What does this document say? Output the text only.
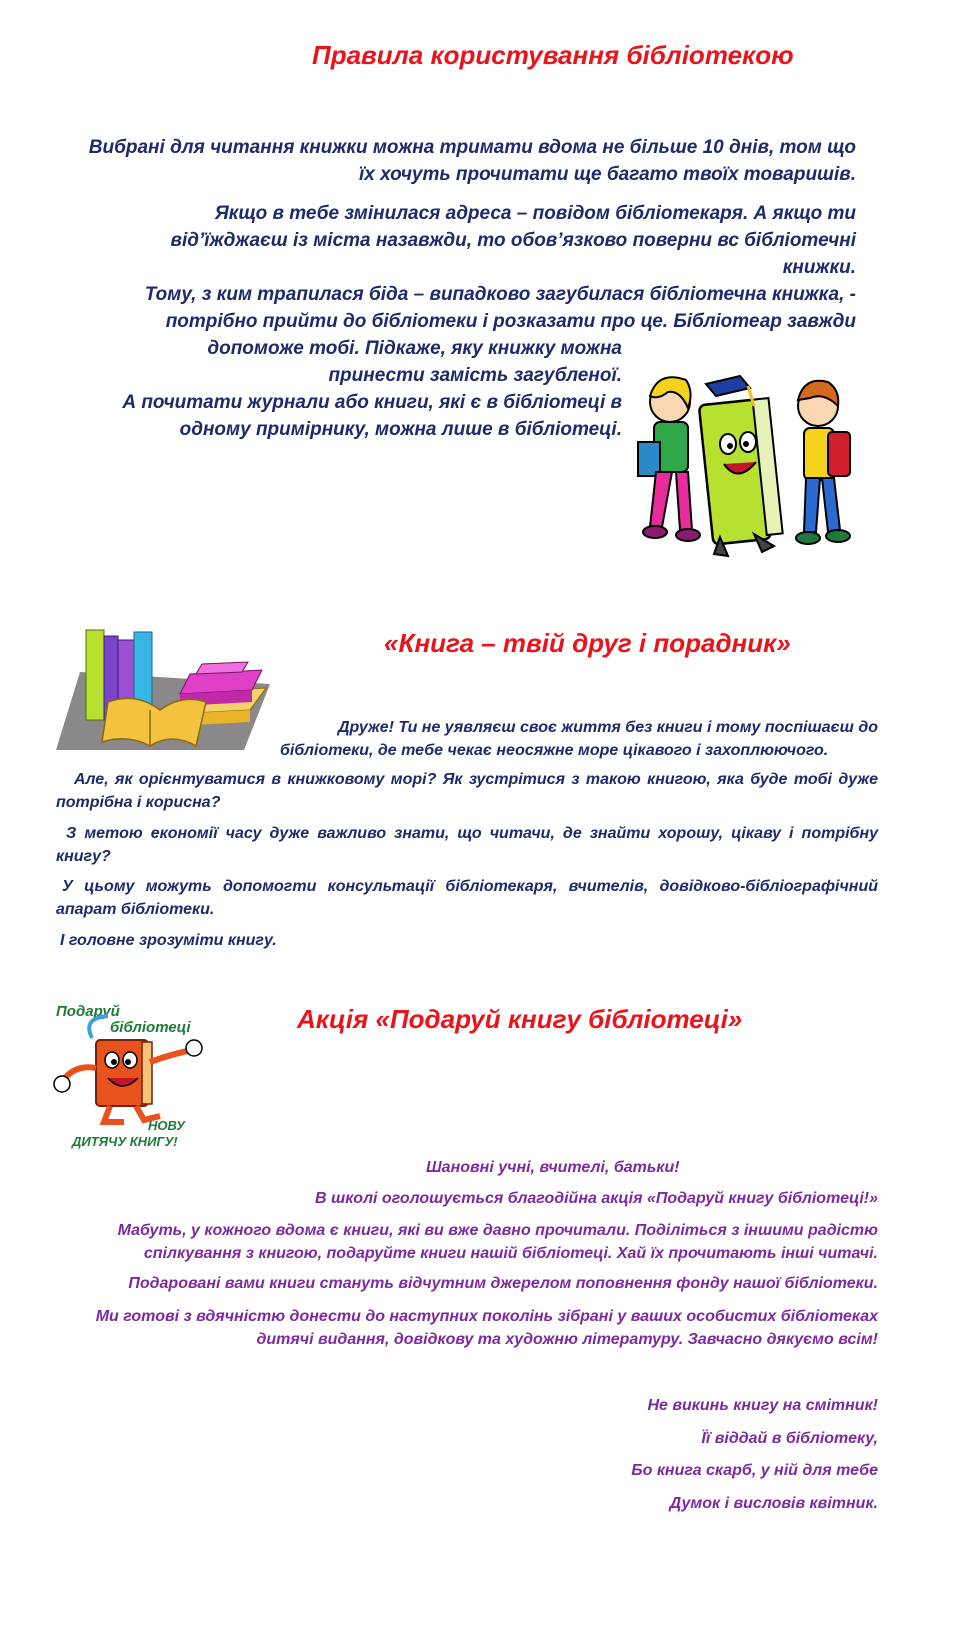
Правила користування бібліотекою
Вибрані для читання книжки можна тримати вдома не більше 10 днів, том що
їх хочуть прочитати ще багато твоїх товаришів.
Якщо в тебе змінилася адреса – повідом бібліотекаря. А якщо ти
від’їжджаєш із міста назавжди, то обов’язково поверни вс бібліотечні
книжки.
Тому, з ким трапилася біда – випадково загубилася бібліотечна книжка, -
потрібно прийти до бібліотеки і розказати про це. Бібліотеар завжди
допоможе тобі. Підкаже, яку книжку можна
принести замість загубленої.
А почитати журнали або книги, які є в бібліотеці в
одному примірнику, можна лише в бібліотеці.
«Книга – твій друг і порадник»
Друже! Ти не уявляєш своє життя без книги і тому поспішаєш до
бібліотеки, де тебе чекає неосяжне море цікавого і захоплюючого.
Але, як орієнтуватися в книжковому морі? Як зустрітися з такою книгою, яка буде тобі дуже
потрібна і корисна?
З метою економії часу дуже важливо знати, що читачи, де знайти хорошу, цікаву і потрібну
книгу?
У цьому можуть допомогти консультації бібліотекаря, вчителів, довідково-бібліографічний
апарат бібліотеки.
І головне зрозуміти книгу.
Подаруй
бібліотеці
НОВУ
ДИТЯЧУ КНИГУ!
Акція «Подаруй книгу бібліотеці»
Шановні учні, вчителі, батьки!
В школі оголошується благодійна акція «Подаруй книгу бібліотеці!»
Мабуть, у кожного вдома є книги, які ви вже давно прочитали. Поділіться з іншими радістю
спілкування з книгою, подаруйте книги нашій бібліотеці. Хай їх прочитають інші читачі.
Подаровані вами книги стануть відчутним джерелом поповнення фонду нашої бібліотеки.
Ми готові з вдячністю донести до наступних поколінь зібрані у ваших особистих бібліотеках
дитячі видання, довідкову та художню літературу. Завчасно дякуємо всім!
Не викинь книгу на смітник!
Її віддай в бібліотеку,
Бо книга скарб, у ній для тебе
Думок і висловів квітник.
